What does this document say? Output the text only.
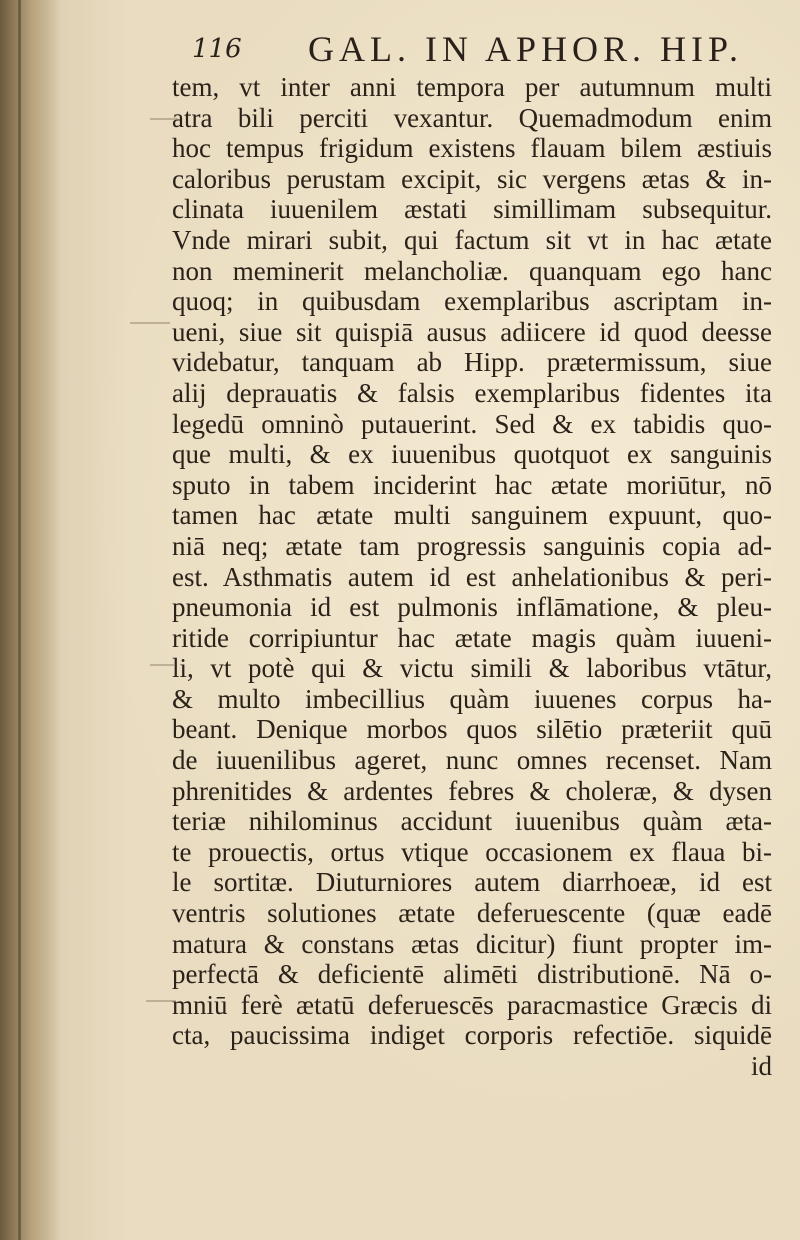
116 GAL. IN APHOR. HIP.
tem, vt inter anni tempora per autumnum multi
atra bili perciti vexantur. Quemadmodum enim
hoc tempus frigidum existens flauam bilem æstiuis
caloribus perustam excipit, sic vergens ætas & in-
clinata iuuenilem æstati simillimam subsequitur.
Vnde mirari subit, qui factum sit vt in hac ætate
non meminerit melancholiæ. quanquam ego hanc
quoq; in quibusdam exemplaribus ascriptam in-
ueni, siue sit quispiā ausus adiicere id quod deesse
videbatur, tanquam ab Hipp. prætermissum, siue
alij deprauatis & falsis exemplaribus fidentes ita
legedū omninò putauerint. Sed & ex tabidis quo-
que multi, & ex iuuenibus quotquot ex sanguinis
sputo in tabem inciderint hac ætate moriūtur, nō
tamen hac ætate multi sanguinem expuunt, quo-
niā neq; ætate tam progressis sanguinis copia ad-
est. Asthmatis autem id est anhelationibus & peri-
pneumonia id est pulmonis inflāmatione, & pleu-
ritide corripiuntur hac ætate magis quàm iuueni-
li, vt potè qui & victu simili & laboribus vtātur,
& multo imbecillius quàm iuuenes corpus ha-
beant. Denique morbos quos silētio præteriit quū
de iuuenilibus ageret, nunc omnes recenset. Nam
phrenitides & ardentes febres & choleræ, & dysen
teriæ nihilominus accidunt iuuenibus quàm æta-
te prouectis, ortus vtique occasionem ex flaua bi-
le sortitæ. Diuturniores autem diarrhoeæ, id est
ventris solutiones ætate deferuescente (quæ eadē
matura & constans ætas dicitur) fiunt propter im-
perfectā & deficientē alimēti distributionē. Nā o-
mniū ferè ætatū deferuescēs paracmastice Græcis di
cta, paucissima indiget corporis refectiōe. siquidē
id
